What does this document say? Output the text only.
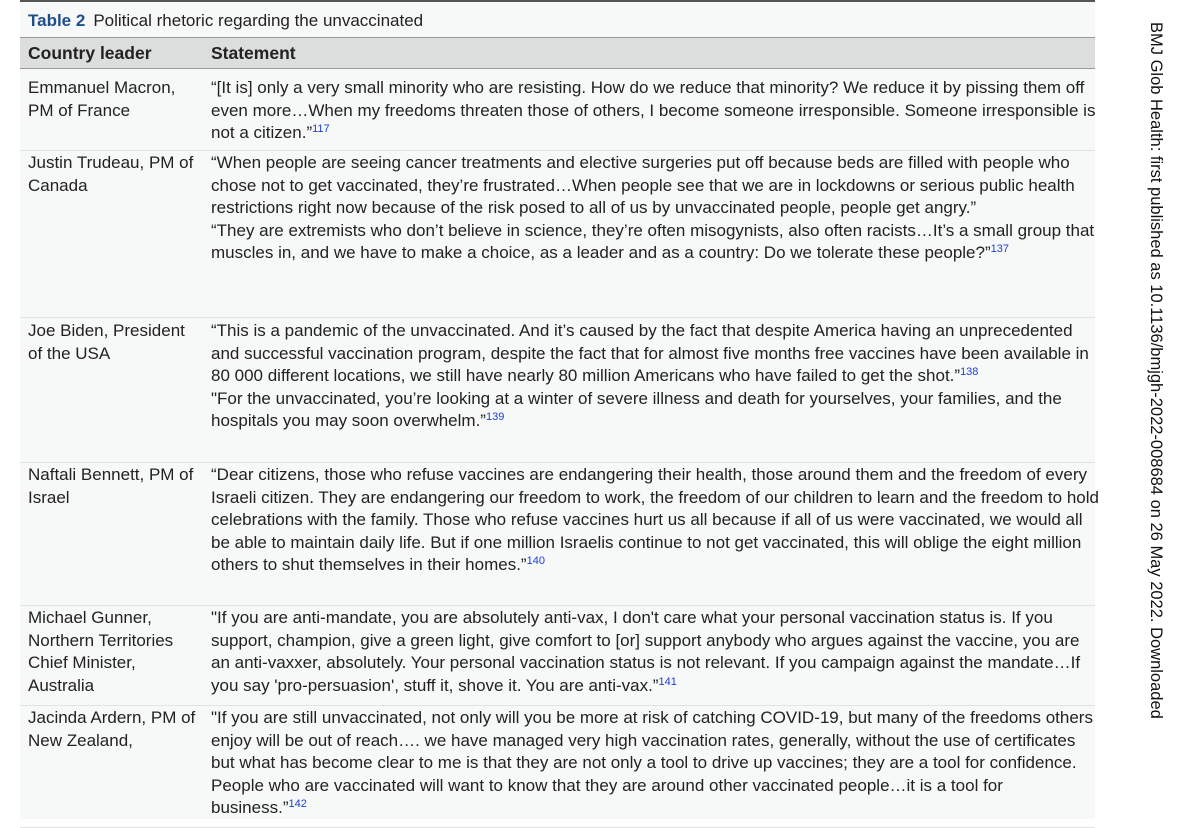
Table 2 Political rhetoric regarding the unvaccinated
Country leader	Statement
Emmanuel Macron, PM of France

“[It is] only a very small minority who are resisting. How do we reduce that minority? We reduce it by pissing them off even more…When my freedoms threaten those of others, I become someone irresponsible. Someone irresponsible is not a citizen.”$^{117}$

Justin Trudeau, PM of Canada

“When people are seeing cancer treatments and elective surgeries put off because beds are filled with people who chose not to get vaccinated, they’re frustrated…When people see that we are in lockdowns or serious public health restrictions right now because of the risk posed to all of us by unvaccinated people, people get angry.”

“They are extremists who don’t believe in science, they’re often misogynists, also often racists…It’s a small group that muscles in, and we have to make a choice, as a leader and as a country: Do we tolerate these people?”$^{137}$

Joe Biden, President of the USA

“This is a pandemic of the unvaccinated. And it’s caused by the fact that despite America having an unprecedented and successful vaccination program, despite the fact that for almost five months free vaccines have been available in 80 000 different locations, we still have nearly 80 million Americans who have failed to get the shot.”$^{138}$

"For the unvaccinated, you’re looking at a winter of severe illness and death for yourselves, your families, and the hospitals you may soon overwhelm.”$^{139}$

Naftali Bennett, PM of Israel

“Dear citizens, those who refuse vaccines are endangering their health, those around them and the freedom of every Israeli citizen. They are endangering our freedom to work, the freedom of our children to learn and the freedom to hold celebrations with the family. Those who refuse vaccines hurt us all because if all of us were vaccinated, we would all be able to maintain daily life. But if one million Israelis continue to not get vaccinated, this will oblige the eight million others to shut themselves in their homes.”$^{140}$

Michael Gunner, Northern Territories Chief Minister, Australia

"If you are anti-mandate, you are absolutely anti-vax, I don't care what your personal vaccination status is. If you support, champion, give a green light, give comfort to [or] support anybody who argues against the vaccine, you are an anti-vaxxer, absolutely. Your personal vaccination status is not relevant. If you campaign against the mandate…If you say 'pro-persuasion', stuff it, shove it. You are anti-vax.”$^{141}$

Jacinda Ardern, PM of New Zealand,

"If you are still unvaccinated, not only will you be more at risk of catching COVID-19, but many of the freedoms others enjoy will be out of reach…. we have managed very high vaccination rates, generally, without the use of certificates but what has become clear to me is that they are not only a tool to drive up vaccines; they are a tool for confidence. People who are vaccinated will want to know that they are around other vaccinated people…it is a tool for business.”$^{142}$

BMJ Glob Health: first published as 10.1136/bmjgh-2022-008684 on 26 May 2022. Downloaded
